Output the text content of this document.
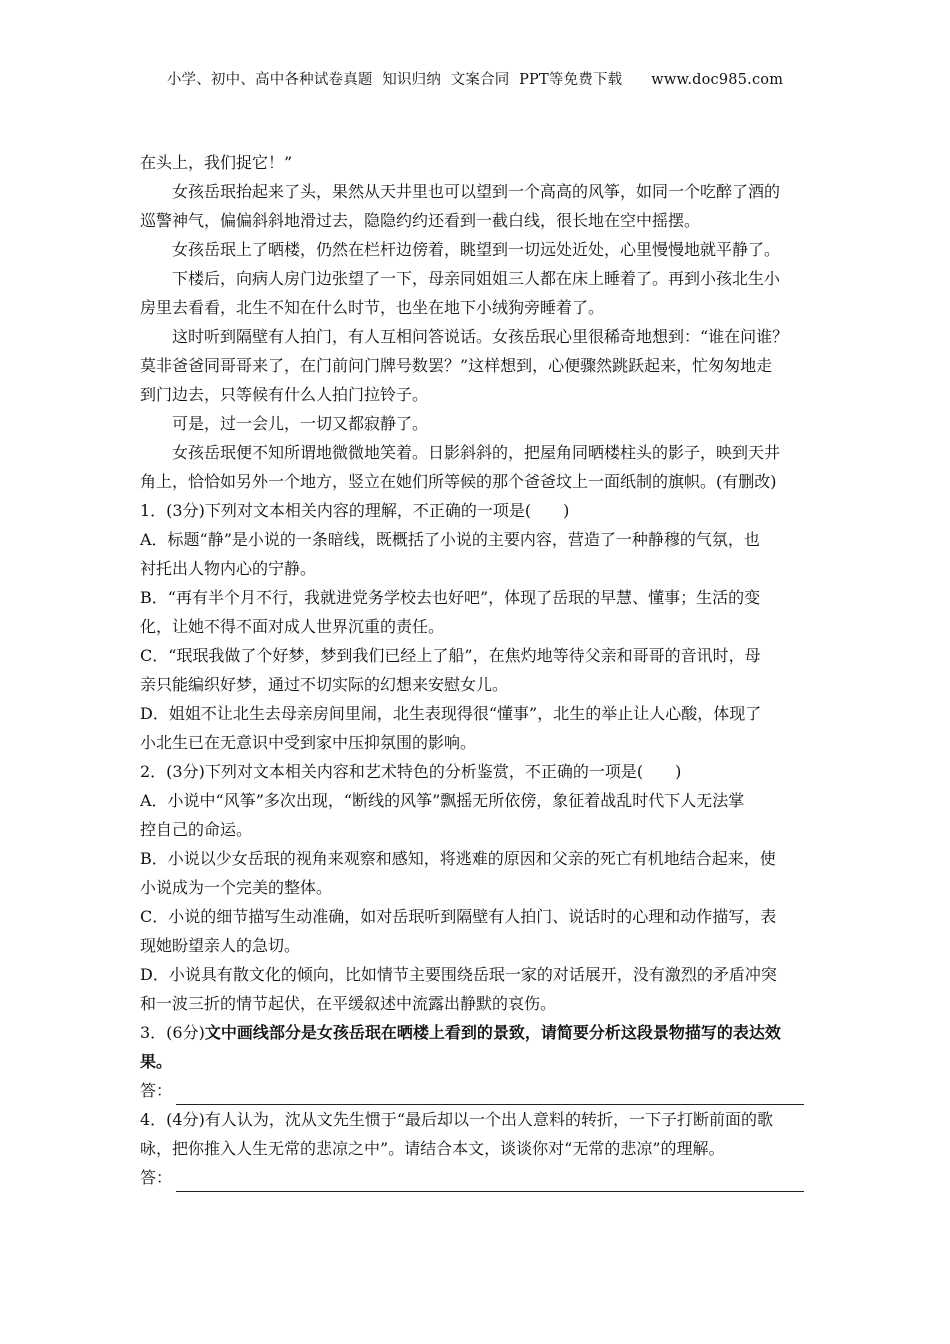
小学、初中、高中各种试卷真题  知识归纳  文案合同  PPT等免费下载      www.doc985.com
在头上，我们捉它！”
女孩岳珉抬起来了头，果然从天井里也可以望到一个高高的风筝，如同一个吃醉了酒的
巡警神气，偏偏斜斜地滑过去，隐隐约约还看到一截白线，很长地在空中摇摆。
女孩岳珉上了晒楼，仍然在栏杆边傍着，眺望到一切远处近处，心里慢慢地就平静了。
下楼后，向病人房门边张望了一下，母亲同姐姐三人都在床上睡着了。再到小孩北生小
房里去看看，北生不知在什么时节，也坐在地下小绒狗旁睡着了。
这时听到隔壁有人拍门，有人互相问答说话。女孩岳珉心里很稀奇地想到：“谁在问谁？
莫非爸爸同哥哥来了，在门前问门牌号数罢？”这样想到，心便骤然跳跃起来，忙匆匆地走
到门边去，只等候有什么人拍门拉铃子。
可是，过一会儿，一切又都寂静了。
女孩岳珉便不知所谓地微微地笑着。日影斜斜的，把屋角同晒楼柱头的影子，映到天井
角上，恰恰如另外一个地方，竖立在她们所等候的那个爸爸坟上一面纸制的旗帜。(有删改)
1．(3分)下列对文本相关内容的理解，不正确的一项是(　　)
A．标题“静”是小说的一条暗线，既概括了小说的主要内容，营造了一种静穆的气氛，也
衬托出人物内心的宁静。
B．“再有半个月不行，我就进党务学校去也好吧”，体现了岳珉的早慧、懂事；生活的变
化，让她不得不面对成人世界沉重的责任。
C．“珉珉我做了个好梦，梦到我们已经上了船”，在焦灼地等待父亲和哥哥的音讯时，母
亲只能编织好梦，通过不切实际的幻想来安慰女儿。
D．姐姐不让北生去母亲房间里闹，北生表现得很“懂事”，北生的举止让人心酸，体现了
小北生已在无意识中受到家中压抑氛围的影响。
2．(3分)下列对文本相关内容和艺术特色的分析鉴赏，不正确的一项是(　　)
A．小说中“风筝”多次出现，“断线的风筝”飘摇无所依傍，象征着战乱时代下人无法掌
控自己的命运。
B．小说以少女岳珉的视角来观察和感知，将逃难的原因和父亲的死亡有机地结合起来，使
小说成为一个完美的整体。
C．小说的细节描写生动准确，如对岳珉听到隔壁有人拍门、说话时的心理和动作描写，表
现她盼望亲人的急切。
D．小说具有散文化的倾向，比如情节主要围绕岳珉一家的对话展开，没有激烈的矛盾冲突
和一波三折的情节起伏，在平缓叙述中流露出静默的哀伤。
3．(6分)文中画线部分是女孩岳珉在晒楼上看到的景致，请简要分析这段景物描写的表达效
果。
答：
4．(4分)有人认为，沈从文先生惯于“最后却以一个出人意料的转折，一下子打断前面的歌
咏，把你推入人生无常的悲凉之中”。请结合本文，谈谈你对“无常的悲凉”的理解。
答：
